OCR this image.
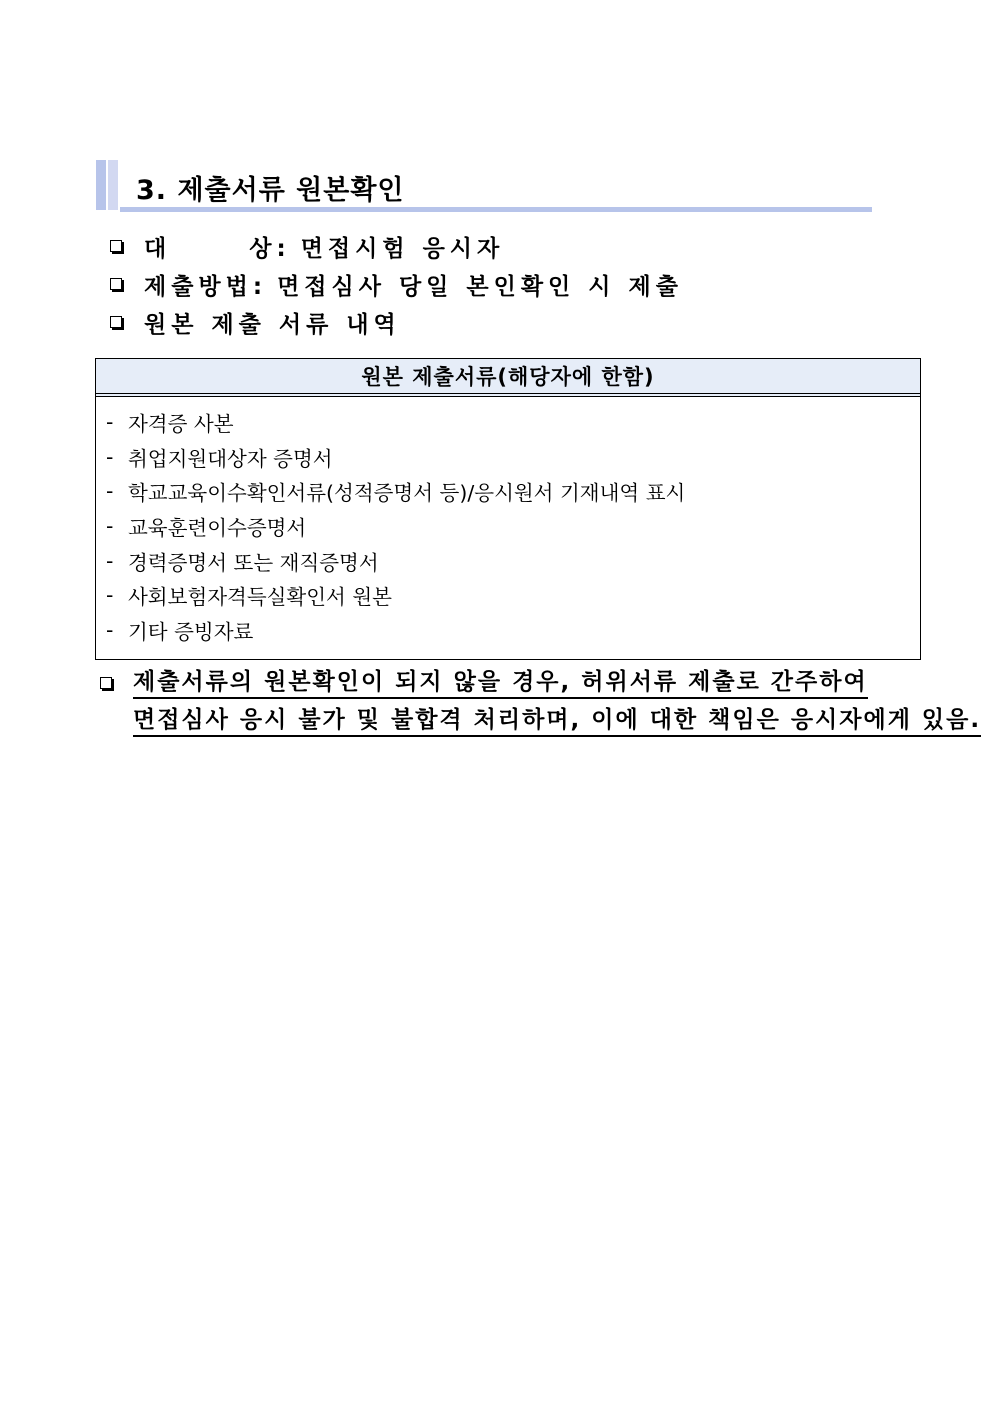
3. 제출서류 원본확인
대      상: 면접시험 응시자
제출방법: 면접심사 당일 본인확인 시 제출
원본 제출 서류 내역
원본 제출서류(해당자에 한함)
- 자격증 사본
- 취업지원대상자 증명서
- 학교교육이수확인서류(성적증명서 등)/응시원서 기재내역 표시
- 교육훈련이수증명서
- 경력증명서 또는 재직증명서
- 사회보험자격득실확인서 원본
- 기타 증빙자료
제출서류의 원본확인이 되지 않을 경우, 허위서류 제출로 간주하여
면접심사 응시 불가 및 불합격 처리하며, 이에 대한 책임은 응시자에게 있음.
